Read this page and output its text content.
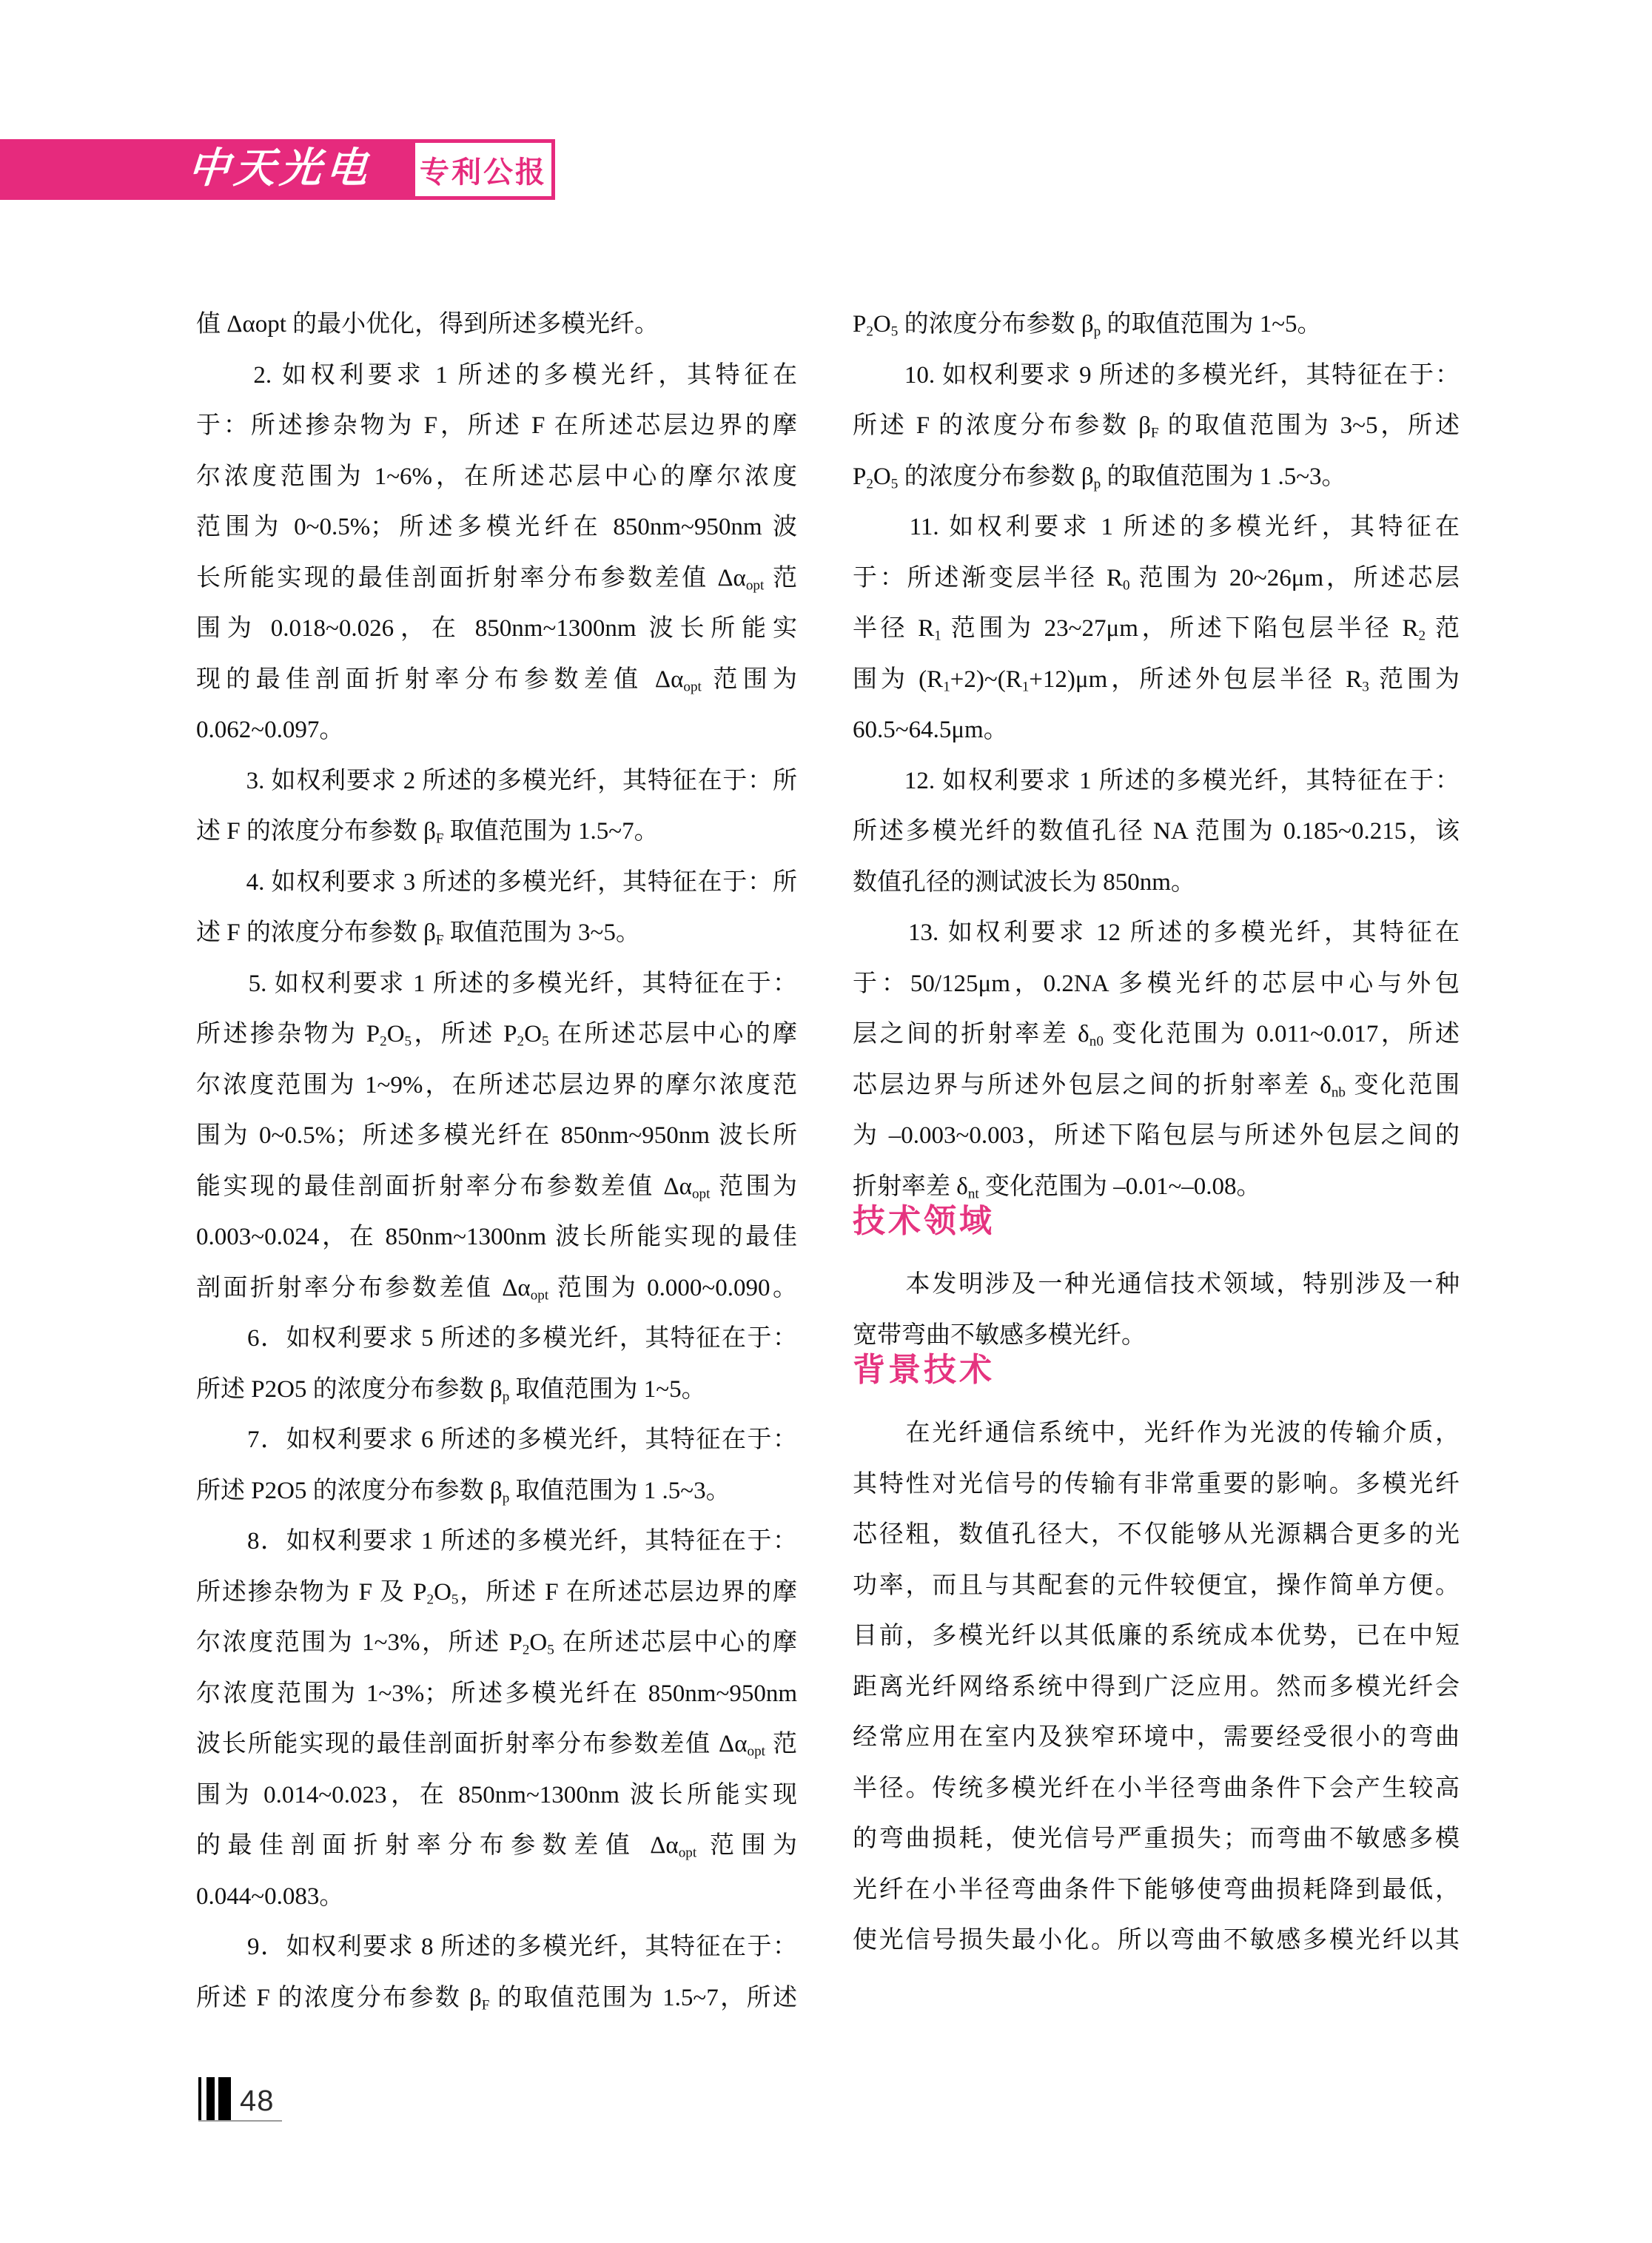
中天光电 专利公报
值 Δαopt 的最小优化，得到所述多模光纤。
　　2. 如权利要求 1 所述的多模光纤，其特征在
于：所述掺杂物为 F，所述 F 在所述芯层边界的摩
尔浓度范围为 1~6%，在所述芯层中心的摩尔浓度
范围为 0~0.5%；所述多模光纤在 850nm~950nm 波
长所能实现的最佳剖面折射率分布参数差值 $\Delta\alpha_{opt}$ 范
围为 0.018~0.026，在 850nm~1300nm 波长所能实
现的最佳剖面折射率分布参数差值 $\Delta\alpha_{opt}$ 范围为
0.062~0.097。
　　3. 如权利要求 2 所述的多模光纤，其特征在于：所
述 F 的浓度分布参数 $\beta_F$ 取值范围为 1.5~7。
　　4. 如权利要求 3 所述的多模光纤，其特征在于：所
述 F 的浓度分布参数 $\beta_F$ 取值范围为 3~5。
　　5. 如权利要求 1 所述的多模光纤，其特征在于：
所述掺杂物为 $P_2O_5$，所述 $P_2O_5$ 在所述芯层中心的摩
尔浓度范围为 1~9%，在所述芯层边界的摩尔浓度范
围为 0~0.5%；所述多模光纤在 850nm~950nm 波长所
能实现的最佳剖面折射率分布参数差值 $\Delta\alpha_{opt}$ 范围为
0.003~0.024，在 850nm~1300nm 波长所能实现的最佳
剖面折射率分布参数差值 $\Delta\alpha_{opt}$ 范围为 0.000~0.090。
　　6．如权利要求 5 所述的多模光纤，其特征在于：
所述 P2O5 的浓度分布参数 $\beta_p$ 取值范围为 1~5。
　　7．如权利要求 6 所述的多模光纤，其特征在于：
所述 P2O5 的浓度分布参数 $\beta_p$ 取值范围为 1 .5~3。
　　8．如权利要求 1 所述的多模光纤，其特征在于：
所述掺杂物为 F 及 $P_2O_5$，所述 F 在所述芯层边界的摩
尔浓度范围为 1~3%，所述 $P_2O_5$ 在所述芯层中心的摩
尔浓度范围为 1~3%；所述多模光纤在 850nm~950nm
波长所能实现的最佳剖面折射率分布参数差值 $\Delta\alpha_{opt}$ 范
围为 0.014~0.023，在 850nm~1300nm 波长所能实现
的最佳剖面折射率分布参数差值 $\Delta\alpha_{opt}$ 范围为
0.044~0.083。
　　9．如权利要求 8 所述的多模光纤，其特征在于：
所述 F 的浓度分布参数 $\beta_F$ 的取值范围为 1.5~7，所述
$P_2O_5$ 的浓度分布参数 $\beta_p$ 的取值范围为 1~5。
　　10. 如权利要求 9 所述的多模光纤，其特征在于：
所述 F 的浓度分布参数 $\beta_F$ 的取值范围为 3~5，所述
$P_2O_5$ 的浓度分布参数 $\beta_p$ 的取值范围为 1 .5~3。
　　11. 如权利要求 1 所述的多模光纤，其特征在
于：所述渐变层半径 $R_0$ 范围为 20~26μm，所述芯层
半径 $R_1$ 范围为 23~27μm，所述下陷包层半径 $R_2$ 范
围为 $(R_1+2)\sim(R_1+12)\mu m$，所述外包层半径 $R_3$ 范围为
60.5~64.5μm。
　　12. 如权利要求 1 所述的多模光纤，其特征在于：
所述多模光纤的数值孔径 NA 范围为 0.185~0.215，该
数值孔径的测试波长为 850nm。
　　13. 如权利要求 12 所述的多模光纤，其特征在
于：50/125μm，0.2NA 多模光纤的芯层中心与外包
层之间的折射率差 $\delta_{n0}$ 变化范围为 0.011~0.017，所述
芯层边界与所述外包层之间的折射率差 $\delta_{nb}$ 变化范围
为 –0.003~0.003，所述下陷包层与所述外包层之间的
折射率差 $\delta_{nt}$ 变化范围为 –0.01~–0.08。
技术领域
　　本发明涉及一种光通信技术领域，特别涉及一种
宽带弯曲不敏感多模光纤。
背景技术
　　在光纤通信系统中，光纤作为光波的传输介质，
其特性对光信号的传输有非常重要的影响。多模光纤
芯径粗，数值孔径大，不仅能够从光源耦合更多的光
功率，而且与其配套的元件较便宜，操作简单方便。
目前，多模光纤以其低廉的系统成本优势，已在中短
距离光纤网络系统中得到广泛应用。然而多模光纤会
经常应用在室内及狭窄环境中，需要经受很小的弯曲
半径。传统多模光纤在小半径弯曲条件下会产生较高
的弯曲损耗，使光信号严重损失；而弯曲不敏感多模
光纤在小半径弯曲条件下能够使弯曲损耗降到最低，
使光信号损失最小化。所以弯曲不敏感多模光纤以其
48
